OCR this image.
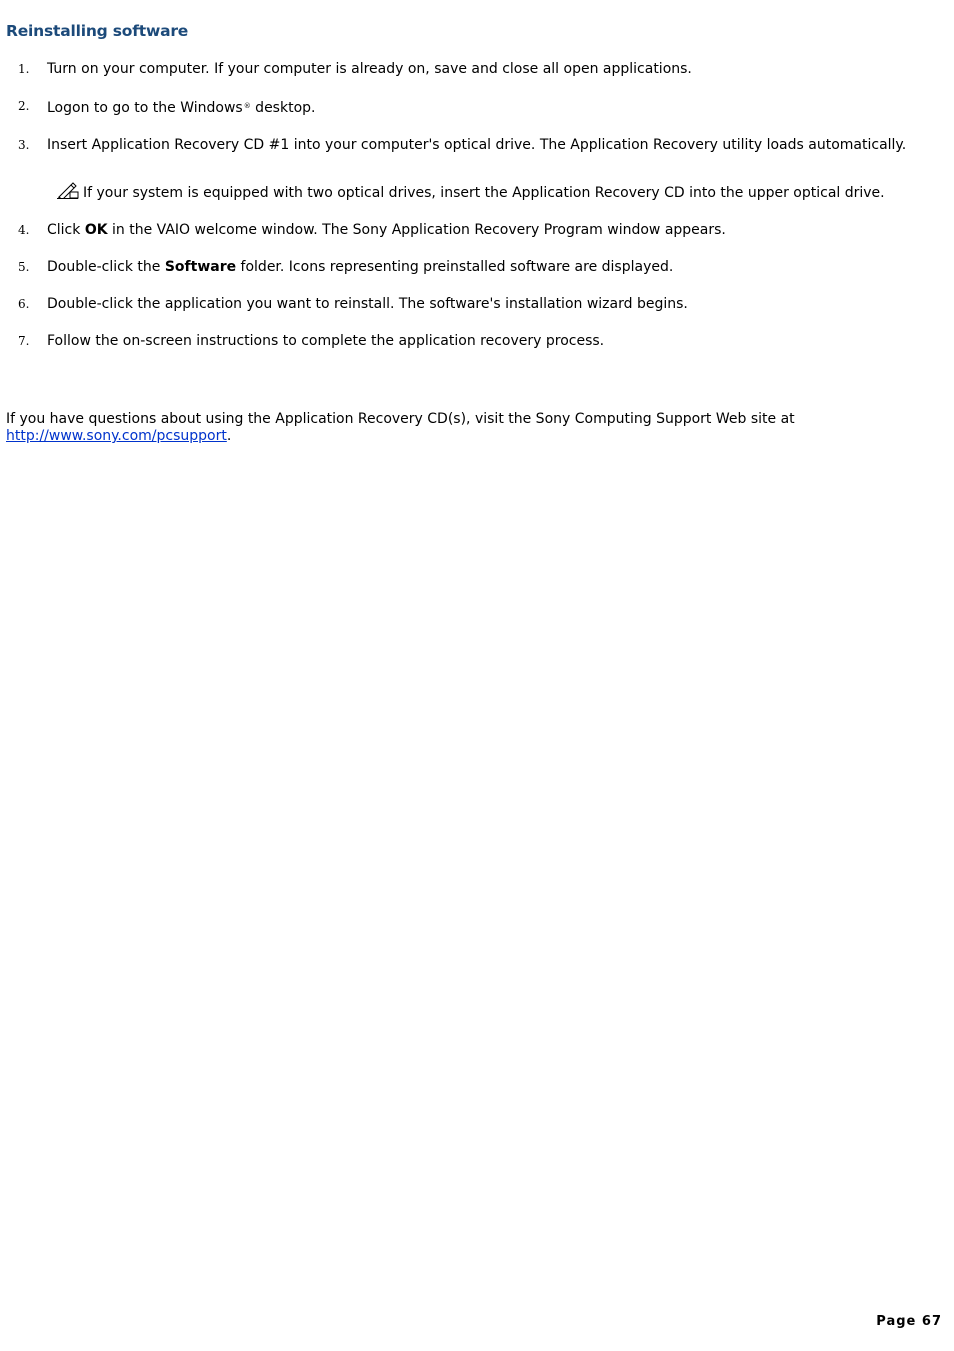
Reinstalling software
1. Turn on your computer. If your computer is already on, save and close all open applications.
2. Logon to go to the Windows® desktop.
3. Insert Application Recovery CD #1 into your computer's optical drive. The Application Recovery utility loads automatically.
If your system is equipped with two optical drives, insert the Application Recovery CD into the upper optical drive.
4. Click OK in the VAIO welcome window. The Sony Application Recovery Program window appears.
5. Double-click the Software folder. Icons representing preinstalled software are displayed.
6. Double-click the application you want to reinstall. The software's installation wizard begins.
7. Follow the on-screen instructions to complete the application recovery process.

If you have questions about using the Application Recovery CD(s), visit the Sony Computing Support Web site at http://www.sony.com/pcsupport.

Page 67
